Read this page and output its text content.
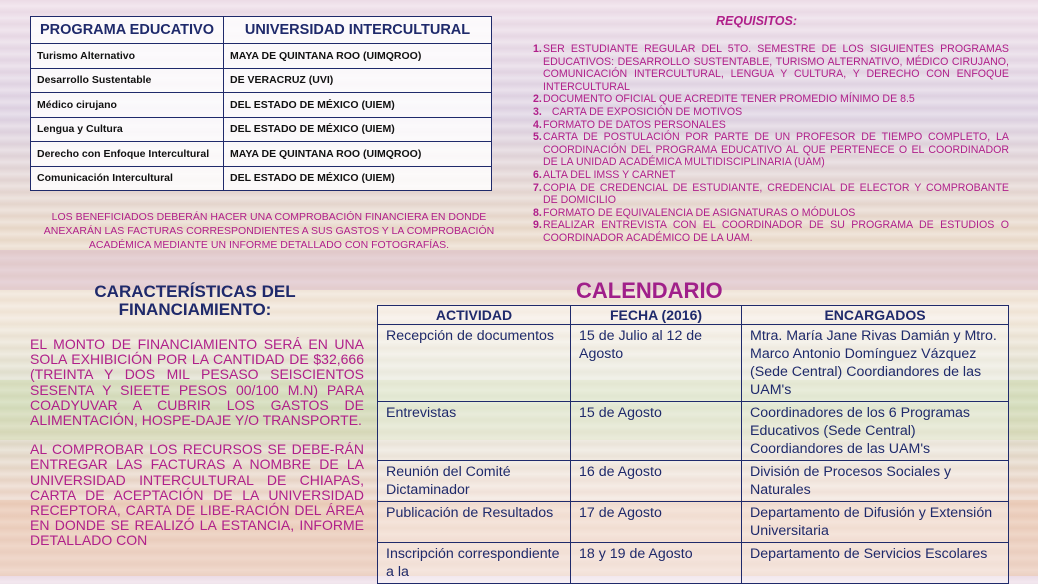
PROGRAMA EDUCATIVO	UNIVERSIDAD INTERCULTURAL
Turismo Alternativo	MAYA DE QUINTANA ROO (UIMQROO)
Desarrollo Sustentable	DE VERACRUZ (UVI)
Médico cirujano	DEL ESTADO DE MÉXICO (UIEM)
Lengua y Cultura	DEL ESTADO DE MÉXICO (UIEM)
Derecho con Enfoque Intercultural	MAYA DE QUINTANA ROO (UIMQROO)
Comunicación Intercultural	DEL ESTADO DE MÉXICO (UIEM)
LOS BENEFICIADOS DEBERÁN HACER UNA COMPROBACIÓN FINANCIERA EN DONDE ANEXARÁN LAS FACTURAS CORRESPONDIENTES A SUS GASTOS Y LA COMPROBACIÓN ACADÉMICA MEDIANTE UN INFORME DETALLADO CON FOTOGRAFÍAS.
REQUISITOS:
1. SER ESTUDIANTE REGULAR DEL 5TO. SEMESTRE DE LOS SIGUIENTES PROGRAMAS EDUCATIVOS: DESARROLLO SUSTENTABLE, TURISMO ALTERNATIVO, MÉDICO CIRUJANO, COMUNICACIÓN INTERCULTURAL, LENGUA Y CULTURA, Y DERECHO CON ENFOQUE INTERCULTURAL
2. DOCUMENTO OFICIAL QUE ACREDITE TENER PROMEDIO MÍNIMO DE 8.5
3. CARTA DE EXPOSICIÓN DE MOTIVOS
4. FORMATO DE DATOS PERSONALES
5. CARTA DE POSTULACIÓN POR PARTE DE UN PROFESOR DE TIEMPO COMPLETO, LA COORDINACIÓN DEL PROGRAMA EDUCATIVO AL QUE PERTENECE O EL COORDINADOR DE LA UNIDAD ACADÉMICA MULTIDISCIPLINARIA (UAM)
6. ALTA DEL IMSS Y CARNET
7. COPIA DE CREDENCIAL DE ESTUDIANTE, CREDENCIAL DE ELECTOR Y COMPROBANTE DE DOMICILIO
8. FORMATO DE EQUIVALENCIA DE ASIGNATURAS O MÓDULOS
9. REALIZAR ENTREVISTA CON EL COORDINADOR DE SU PROGRAMA DE ESTUDIOS O COORDINADOR ACADÉMICO DE LA UAM.
CARACTERÍSTICAS DEL FINANCIAMIENTO:

EL MONTO DE FINANCIAMIENTO SERÁ EN UNA SOLA EXHIBICIÓN POR LA CANTIDAD DE $32,666 (TREINTA Y DOS MIL PESASO SEISCIENTOS SESENTA Y SIEETE PESOS 00/100 M.N) PARA COADYUVAR A CUBRIR LOS GASTOS DE ALIMENTACIÓN, HOSPE-DAJE Y/O TRANSPORTE.

AL COMPROBAR LOS RECURSOS SE DEBE-RÁN ENTREGAR LAS FACTURAS A NOMBRE DE LA UNIVERSIDAD INTERCULTURAL DE CHIAPAS, CARTA DE ACEPTACIÓN DE LA UNIVERSIDAD RECEPTORA, CARTA DE LIBE-RACIÓN DEL ÁREA EN DONDE SE REALIZÓ LA ESTANCIA, INFORME DETALLADO CON

CALENDARIO
ACTIVIDAD	FECHA (2016)	ENCARGADOS
Recepción de documentos	15 de Julio al 12 de Agosto	Mtra. María Jane Rivas Damián y Mtro. Marco Antonio Domínguez Vázquez (Sede Central) Coordiandores de las UAM's
Entrevistas	15 de Agosto	Coordinadores de los 6 Programas Educativos (Sede Central) Coordiandores de las UAM's
Reunión del Comité Dictaminador	16 de Agosto	División de Procesos Sociales y Naturales
Publicación de Resultados	17 de Agosto	Departamento de Difusión y Extensión Universitaria
Inscripción correspondiente a la	18 y 19 de Agosto	Departamento de Servicios Escolares
